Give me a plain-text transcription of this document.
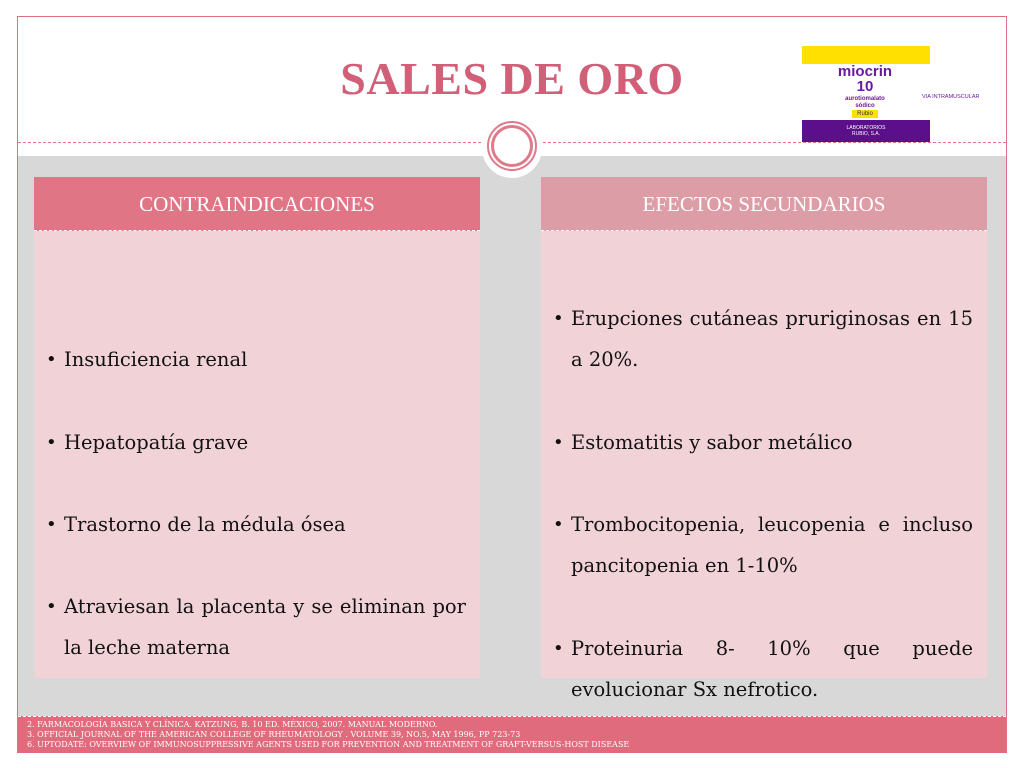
SALES DE ORO	miocrin
10
aurotiomalato
sódico
Rubio
VIA INTRAMUSCULAR
LABORATORIOS
RUBIO, S.A.
CONTRAINDICACIONES
• Insuficiencia renal
• Hepatopatía grave
• Trastorno de la médula ósea
• Atraviesan la placenta y se eliminan por la leche materna
EFECTOS SECUNDARIOS
• Erupciones cutáneas pruriginosas en 15 a 20%.
• Estomatitis y sabor metálico
• Trombocitopenia, leucopenia e incluso pancitopenia en 1-10%
• Proteinuria 8- 10% que puede evolucionar Sx nefrotico.
2. FARMACOLOGÍA BASICA Y CLÍNICA. KATZUNG, B. 10 ED. MÉXICO, 2007. MANUAL MODERNO.
3. OFFICIAL JOURNAL OF THE AMERICAN COLLEGE OF RHEUMATOLOGY . VOLUME 39, NO.5, MAY 1996, PP 723-73
6. UPTODATE: OVERVIEW OF IMMUNOSUPPRESSIVE AGENTS USED FOR PREVENTION AND TREATMENT OF GRAFT-VERSUS-HOST DISEASE
